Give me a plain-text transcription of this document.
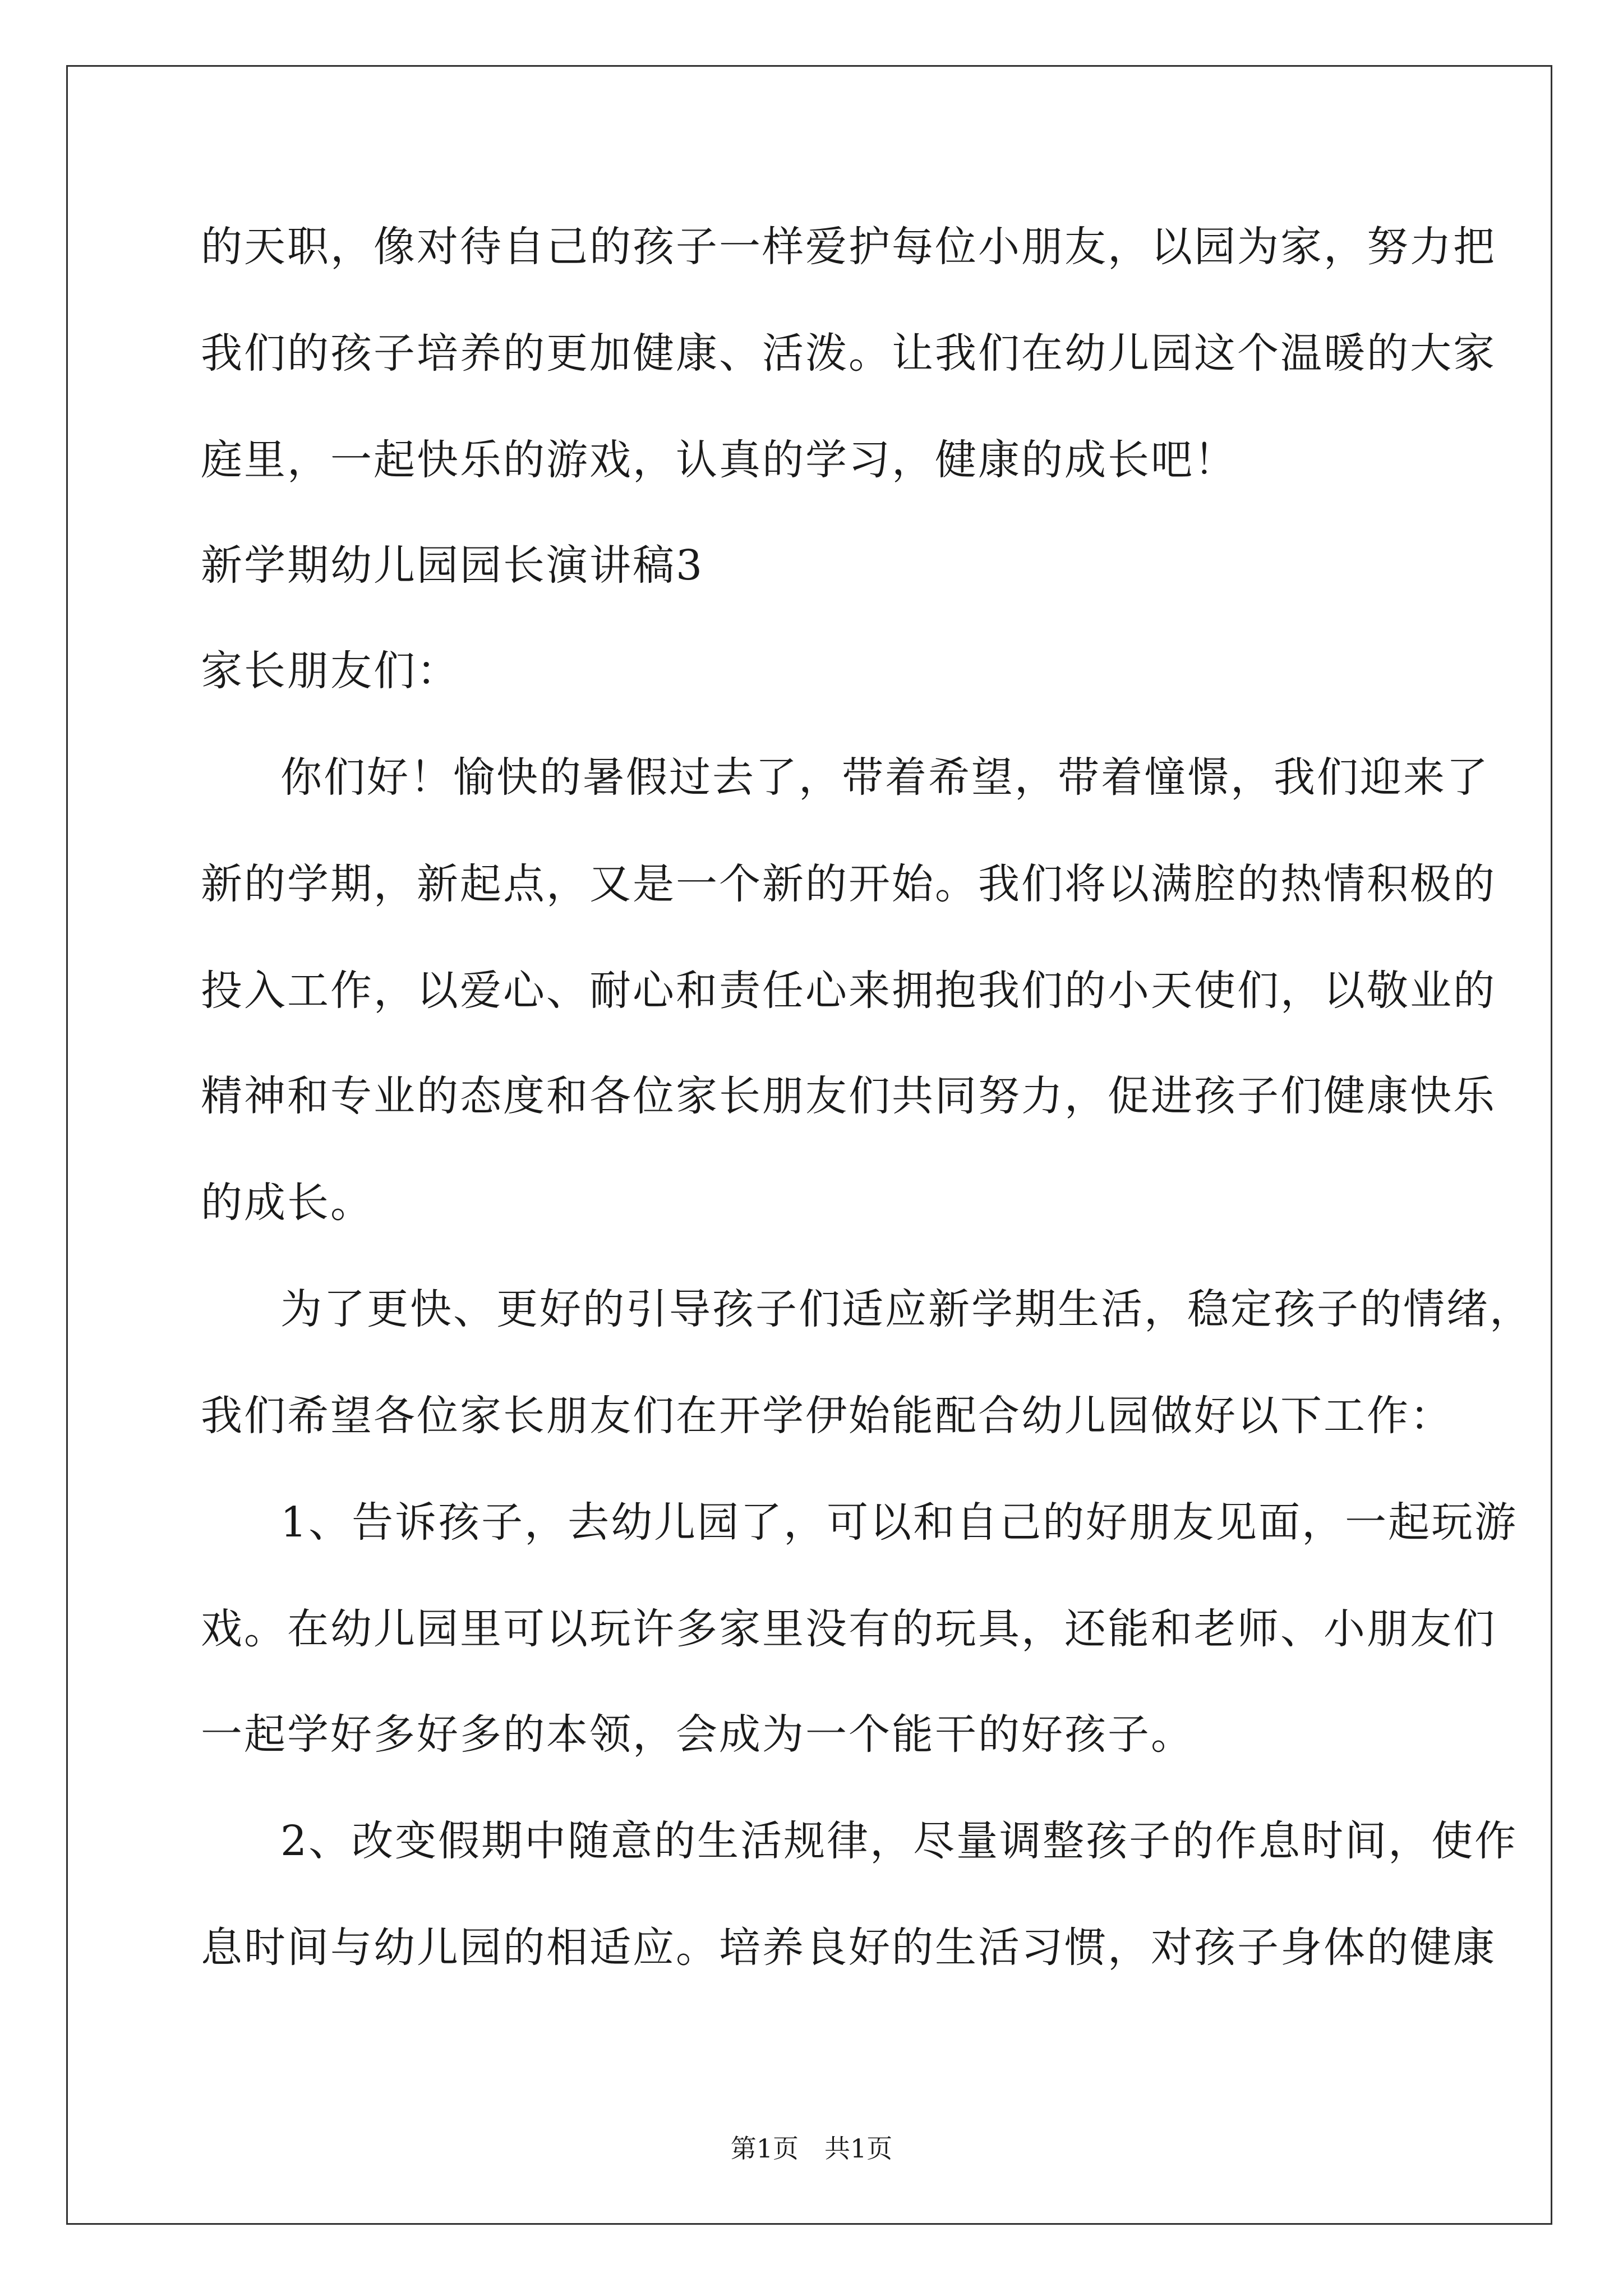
的天职，像对待自己的孩子一样爱护每位小朋友，以园为家，努力把
我们的孩子培养的更加健康、活泼。让我们在幼儿园这个温暖的大家
庭里，一起快乐的游戏，认真的学习，健康的成长吧！
新学期幼儿园园长演讲稿3
家长朋友们：
你们好！愉快的暑假过去了，带着希望，带着憧憬，我们迎来了
新的学期，新起点，又是一个新的开始。我们将以满腔的热情积极的
投入工作，以爱心、耐心和责任心来拥抱我们的小天使们，以敬业的
精神和专业的态度和各位家长朋友们共同努力，促进孩子们健康快乐
的成长。
为了更快、更好的引导孩子们适应新学期生活，稳定孩子的情绪，
我们希望各位家长朋友们在开学伊始能配合幼儿园做好以下工作：
1、告诉孩子，去幼儿园了，可以和自己的好朋友见面，一起玩游
戏。在幼儿园里可以玩许多家里没有的玩具，还能和老师、小朋友们
一起学好多好多的本领，会成为一个能干的好孩子。
2、改变假期中随意的生活规律，尽量调整孩子的作息时间，使作
息时间与幼儿园的相适应。培养良好的生活习惯，对孩子身体的健康
第1页　共1页
